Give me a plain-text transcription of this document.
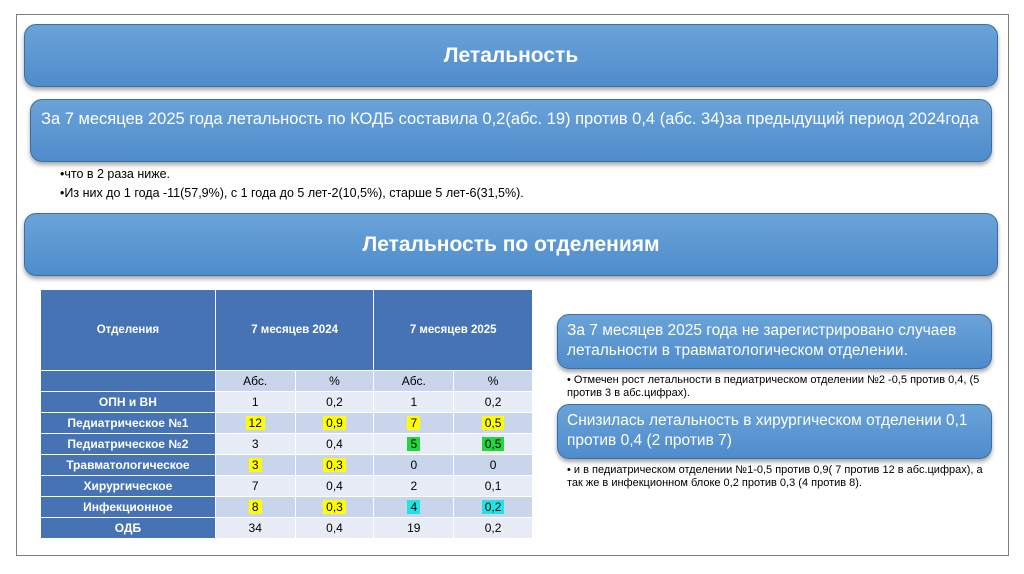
Летальность
За 7 месяцев 2025 года летальность по КОДБ составила 0,2(абс. 19) против 0,4 (абс. 34)за предыдущий период 2024года
•что в 2 раза ниже.
•Из них до 1 года -11(57,9%), с 1 года до 5 лет-2(10,5%), старше 5 лет-6(31,5%).
Летальность по отделениям
Отделения	7 месяцев 2024		7 месяцев 2025	
	Абс.	%	Абс.	%
ОПН и ВН	1	0,2	1	0,2
Педиатрическое №1	12	0,9	7	0,5
Педиатрическое №2	3	0,4	5	0,5
Травматологическое	3	0,3	0	0
Хирургическое	7	0,4	2	0,1
Инфекционное	8	0,3	4	0,2
ОДБ	34	0,4	19	0,2
За 7 месяцев 2025 года не зарегистрировано случаев летальности в травматологическом отделении.
• Отмечен рост летальности в педиатрическом отделении №2 -0,5 против 0,4, (5 против 3 в абс.цифрах).
Снизилась летальность в хирургическом отделении 0,1 против 0,4 (2 против 7)
• и в педиатрическом отделении №1-0,5 против 0,9( 7 против 12 в абс.цифрах), а так же в инфекционном блоке 0,2 против 0,3 (4 против 8).
